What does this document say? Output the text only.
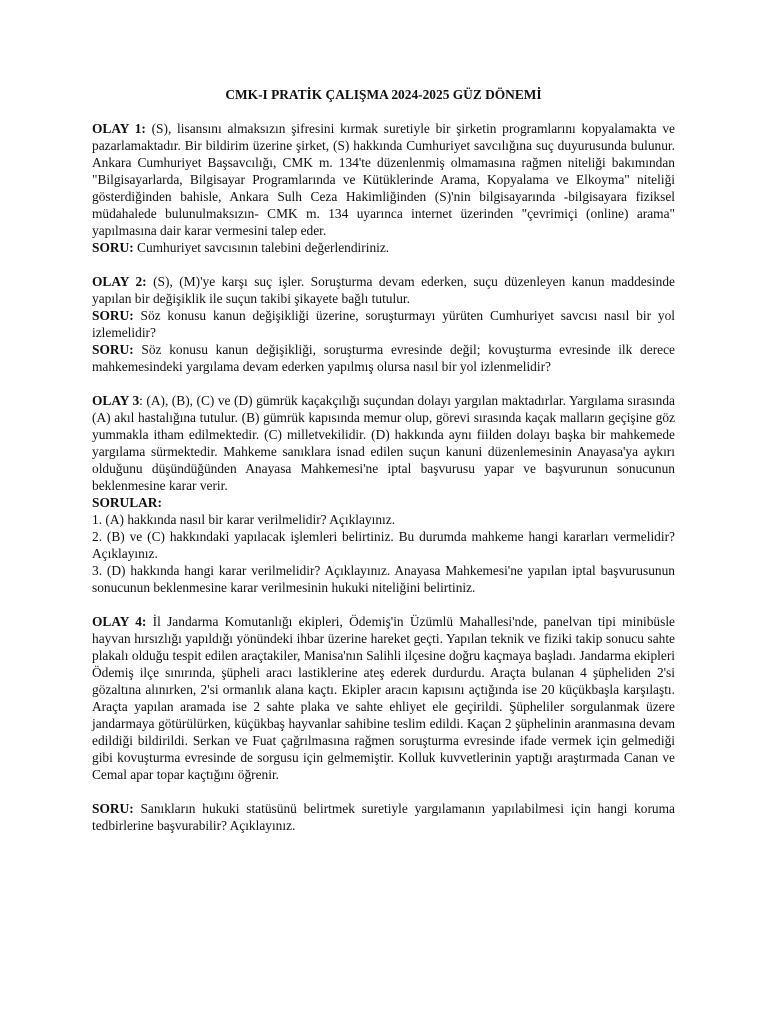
CMK-I PRATİK ÇALIŞMA 2024-2025 GÜZ DÖNEMİ

OLAY 1: (S), lisansını almaksızın şifresini kırmak suretiyle bir şirketin programlarını kopyalamakta ve pazarlamaktadır. Bir bildirim üzerine şirket, (S) hakkında Cumhuriyet savcılığına suç duyurusunda bulunur. Ankara Cumhuriyet Başsavcılığı, CMK m. 134'te düzenlenmiş olmamasına rağmen niteliği bakımından "Bilgisayarlarda, Bilgisayar Programlarında ve Kütüklerinde Arama, Kopyalama ve Elkoyma" niteliği gösterdiğinden bahisle, Ankara Sulh Ceza Hakimliğinden (S)'nin bilgisayarında -bilgisayara fiziksel müdahalede bulunulmaksızın- CMK m. 134 uyarınca internet üzerinden "çevrimiçi (online) arama" yapılmasına dair karar vermesini talep eder.

SORU: Cumhuriyet savcısının talebini değerlendiriniz.

OLAY 2: (S), (M)'ye karşı suç işler. Soruşturma devam ederken, suçu düzenleyen kanun maddesinde yapılan bir değişiklik ile suçun takibi şikayete bağlı tutulur.

SORU: Söz konusu kanun değişikliği üzerine, soruşturmayı yürüten Cumhuriyet savcısı nasıl bir yol izlemelidir?

SORU: Söz konusu kanun değişikliği, soruşturma evresinde değil; kovuşturma evresinde ilk derece mahkemesindeki yargılama devam ederken yapılmış olursa nasıl bir yol izlenmelidir?

OLAY 3: (A), (B), (C) ve (D) gümrük kaçakçılığı suçundan dolayı yargılan maktadırlar. Yargılama sırasında (A) akıl hastalığına tutulur. (B) gümrük kapısında memur olup, görevi sırasında kaçak malların geçişine göz yummakla itham edilmektedir. (C) milletvekilidir. (D) hakkında aynı fiilden dolayı başka bir mahkemede yargılama sürmektedir. Mahkeme sanıklara isnad edilen suçun kanuni düzenlemesinin Anayasa'ya aykırı olduğunu düşündüğünden Anayasa Mahkemesi'ne iptal başvurusu yapar ve başvurunun sonucunun beklenmesine karar verir.

SORULAR:

1. (A) hakkında nasıl bir karar verilmelidir? Açıklayınız.

2. (B) ve (C) hakkındaki yapılacak işlemleri belirtiniz. Bu durumda mahkeme hangi kararları vermelidir? Açıklayınız.

3. (D) hakkında hangi karar verilmelidir? Açıklayınız. Anayasa Mahkemesi'ne yapılan iptal başvurusunun sonucunun beklenmesine karar verilmesinin hukuki niteliğini belirtiniz.

OLAY 4: İl Jandarma Komutanlığı ekipleri, Ödemiş'in Üzümlü Mahallesi'nde, panelvan tipi minibüsle hayvan hırsızlığı yapıldığı yönündeki ihbar üzerine hareket geçti. Yapılan teknik ve fiziki takip sonucu sahte plakalı olduğu tespit edilen araçtakiler, Manisa'nın Salihli ilçesine doğru kaçmaya başladı. Jandarma ekipleri Ödemiş ilçe sınırında, şüpheli aracı lastiklerine ateş ederek durdurdu. Araçta bulanan 4 şüpheliden 2'si gözaltına alınırken, 2'si ormanlık alana kaçtı. Ekipler aracın kapısını açtığında ise 20 küçükbaşla karşılaştı. Araçta yapılan aramada ise 2 sahte plaka ve sahte ehliyet ele geçirildi. Şüpheliler sorgulanmak üzere jandarmaya götürülürken, küçükbaş hayvanlar sahibine teslim edildi. Kaçan 2 şüphelinin aranmasına devam edildiği bildirildi. Serkan ve Fuat çağrılmasına rağmen soruşturma evresinde ifade vermek için gelmediği gibi kovuşturma evresinde de sorgusu için gelmemiştir. Kolluk kuvvetlerinin yaptığı araştırmada Canan ve Cemal apar topar kaçtığını öğrenir.

SORU: Sanıkların hukuki statüsünü belirtmek suretiyle yargılamanın yapılabilmesi için hangi koruma tedbirlerine başvurabilir? Açıklayınız.
